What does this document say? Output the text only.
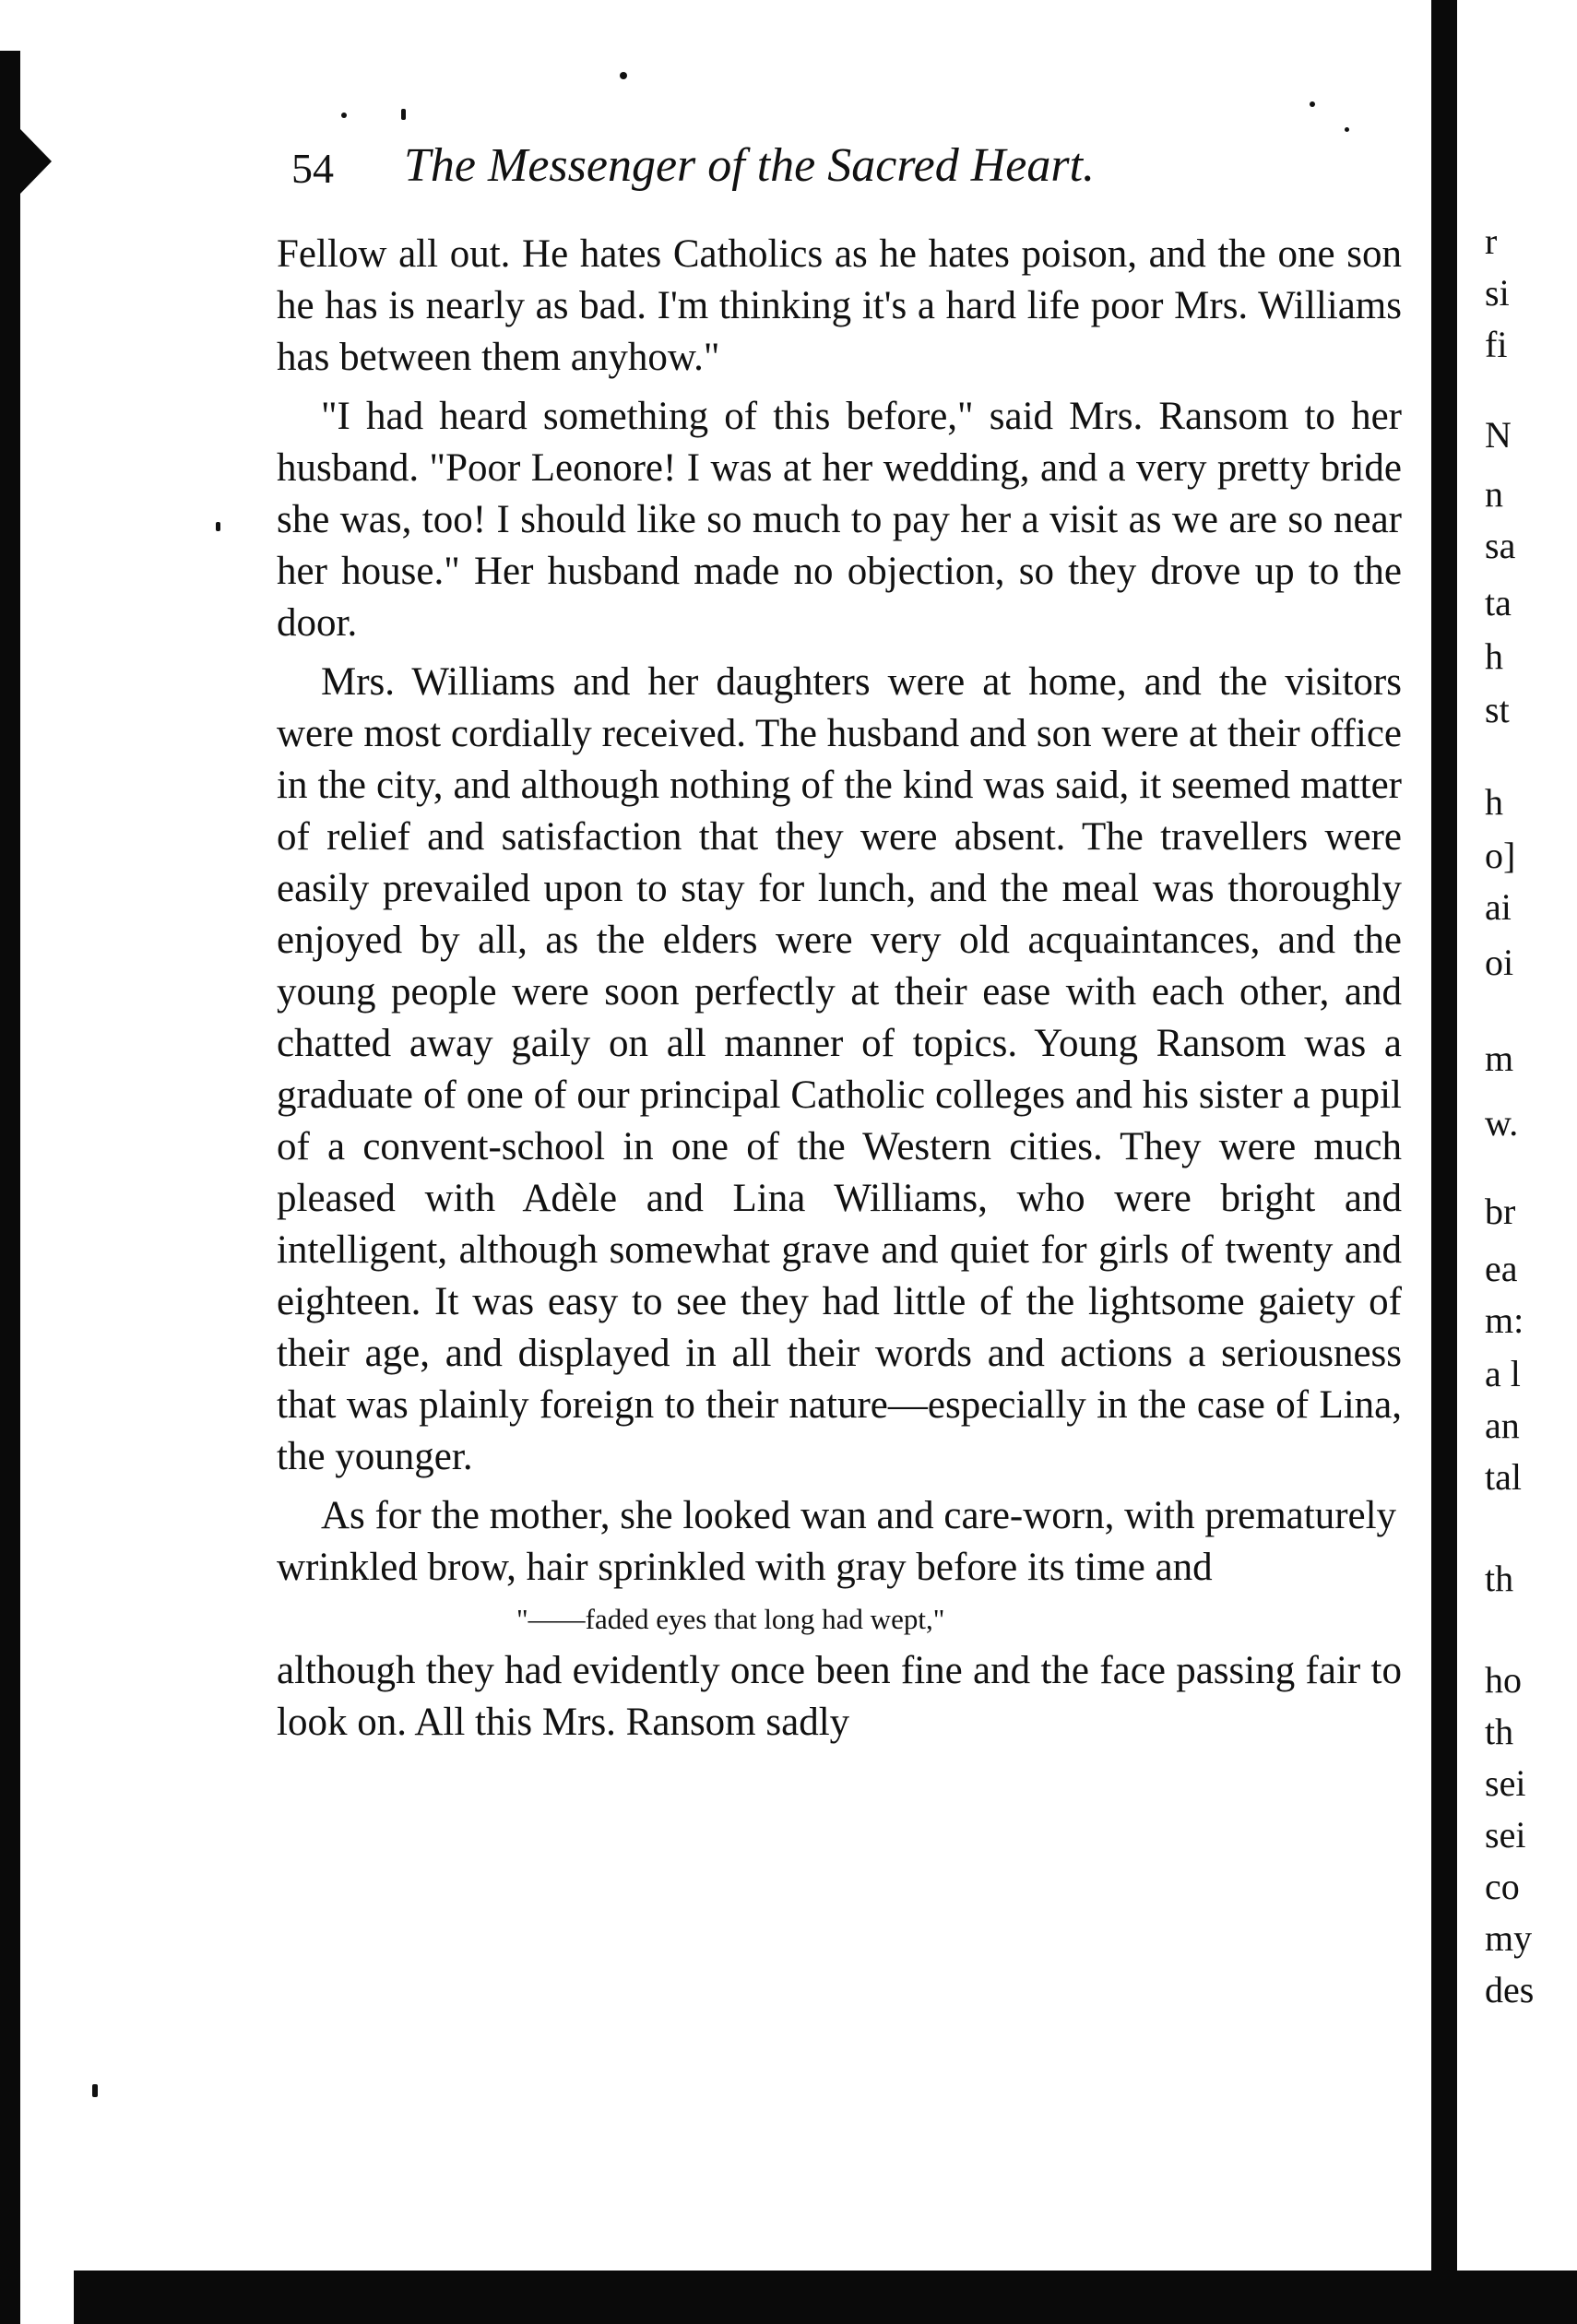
54 The Messenger of the Sacred Heart.

Fellow all out. He hates Catholics as he hates poison, and the one son he has is nearly as bad. I'm thinking it's a hard life poor Mrs. Williams has between them anyhow."

"I had heard something of this before," said Mrs. Ransom to her husband. "Poor Leonore! I was at her wedding, and a very pretty bride she was, too! I should like so much to pay her a visit as we are so near her house." Her husband made no objection, so they drove up to the door.

Mrs. Williams and her daughters were at home, and the visitors were most cordially received. The husband and son were at their office in the city, and although nothing of the kind was said, it seemed matter of relief and satisfaction that they were absent. The travellers were easily prevailed upon to stay for lunch, and the meal was thoroughly enjoyed by all, as the elders were very old acquaintances, and the young people were soon perfectly at their ease with each other, and chatted away gaily on all manner of topics. Young Ransom was a graduate of one of our principal Catholic colleges and his sister a pupil of a convent-school in one of the Western cities. They were much pleased with Adèle and Lina Williams, who were bright and intelligent, although somewhat grave and quiet for girls of twenty and eighteen. It was easy to see they had little of the lightsome gaiety of their age, and displayed in all their words and actions a seriousness that was plainly foreign to their nature—especially in the case of Lina, the younger.

As for the mother, she looked wan and care-worn, with prematurely wrinkled brow, hair sprinkled with gray before its time and

"——faded eyes that long had wept,"

although they had evidently once been fine and the face passing fair to look on. All this Mrs. Ransom sadly

r
si
fi
N
n
sa
ta
h
st
h
o]
ai
oi
m
w.
br
ea
m:
a l
an
tal
th
ho
th
sei
sei
co
my
des
